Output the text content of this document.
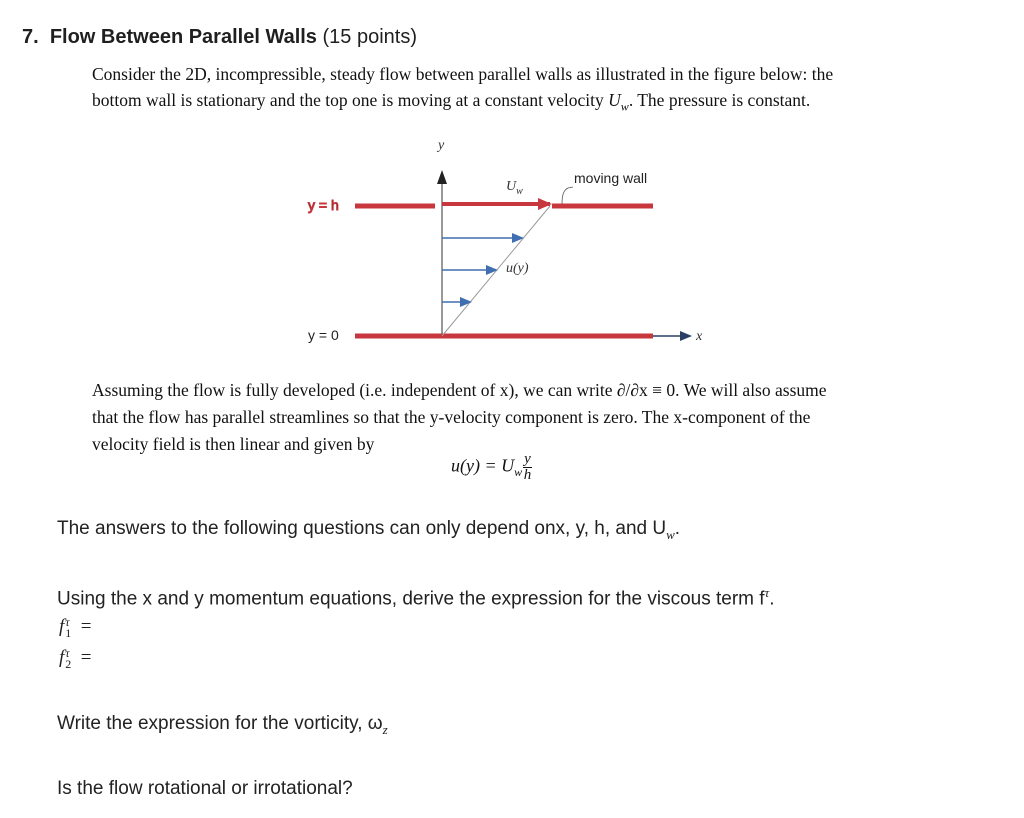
7. Flow Between Parallel Walls (15 points)
Consider the 2D, incompressible, steady flow between parallel walls as illustrated in the figure below: the
bottom wall is stationary and the top one is moving at a constant velocity $U_w$. The pressure is constant.
y
x
y = h
y = 0
$U_w$
u(y)
moving wall
Assuming the flow is fully developed (i.e. independent of x), we can write ∂/∂x ≡ 0. We will also assume
that the flow has parallel streamlines so that the y-velocity component is zero. The x-component of the
velocity field is then linear and given by
$u(y) = U_w \frac{y}{h}$
The answers to the following questions can only depend onx, y, h, and $U_w$.
Using the x and y momentum equations, derive the expression for the viscous term $f^\tau$.
f τ
1 =
f τ
2 =
Write the expression for the vorticity, $\omega_z$
Is the flow rotational or irrotational?
